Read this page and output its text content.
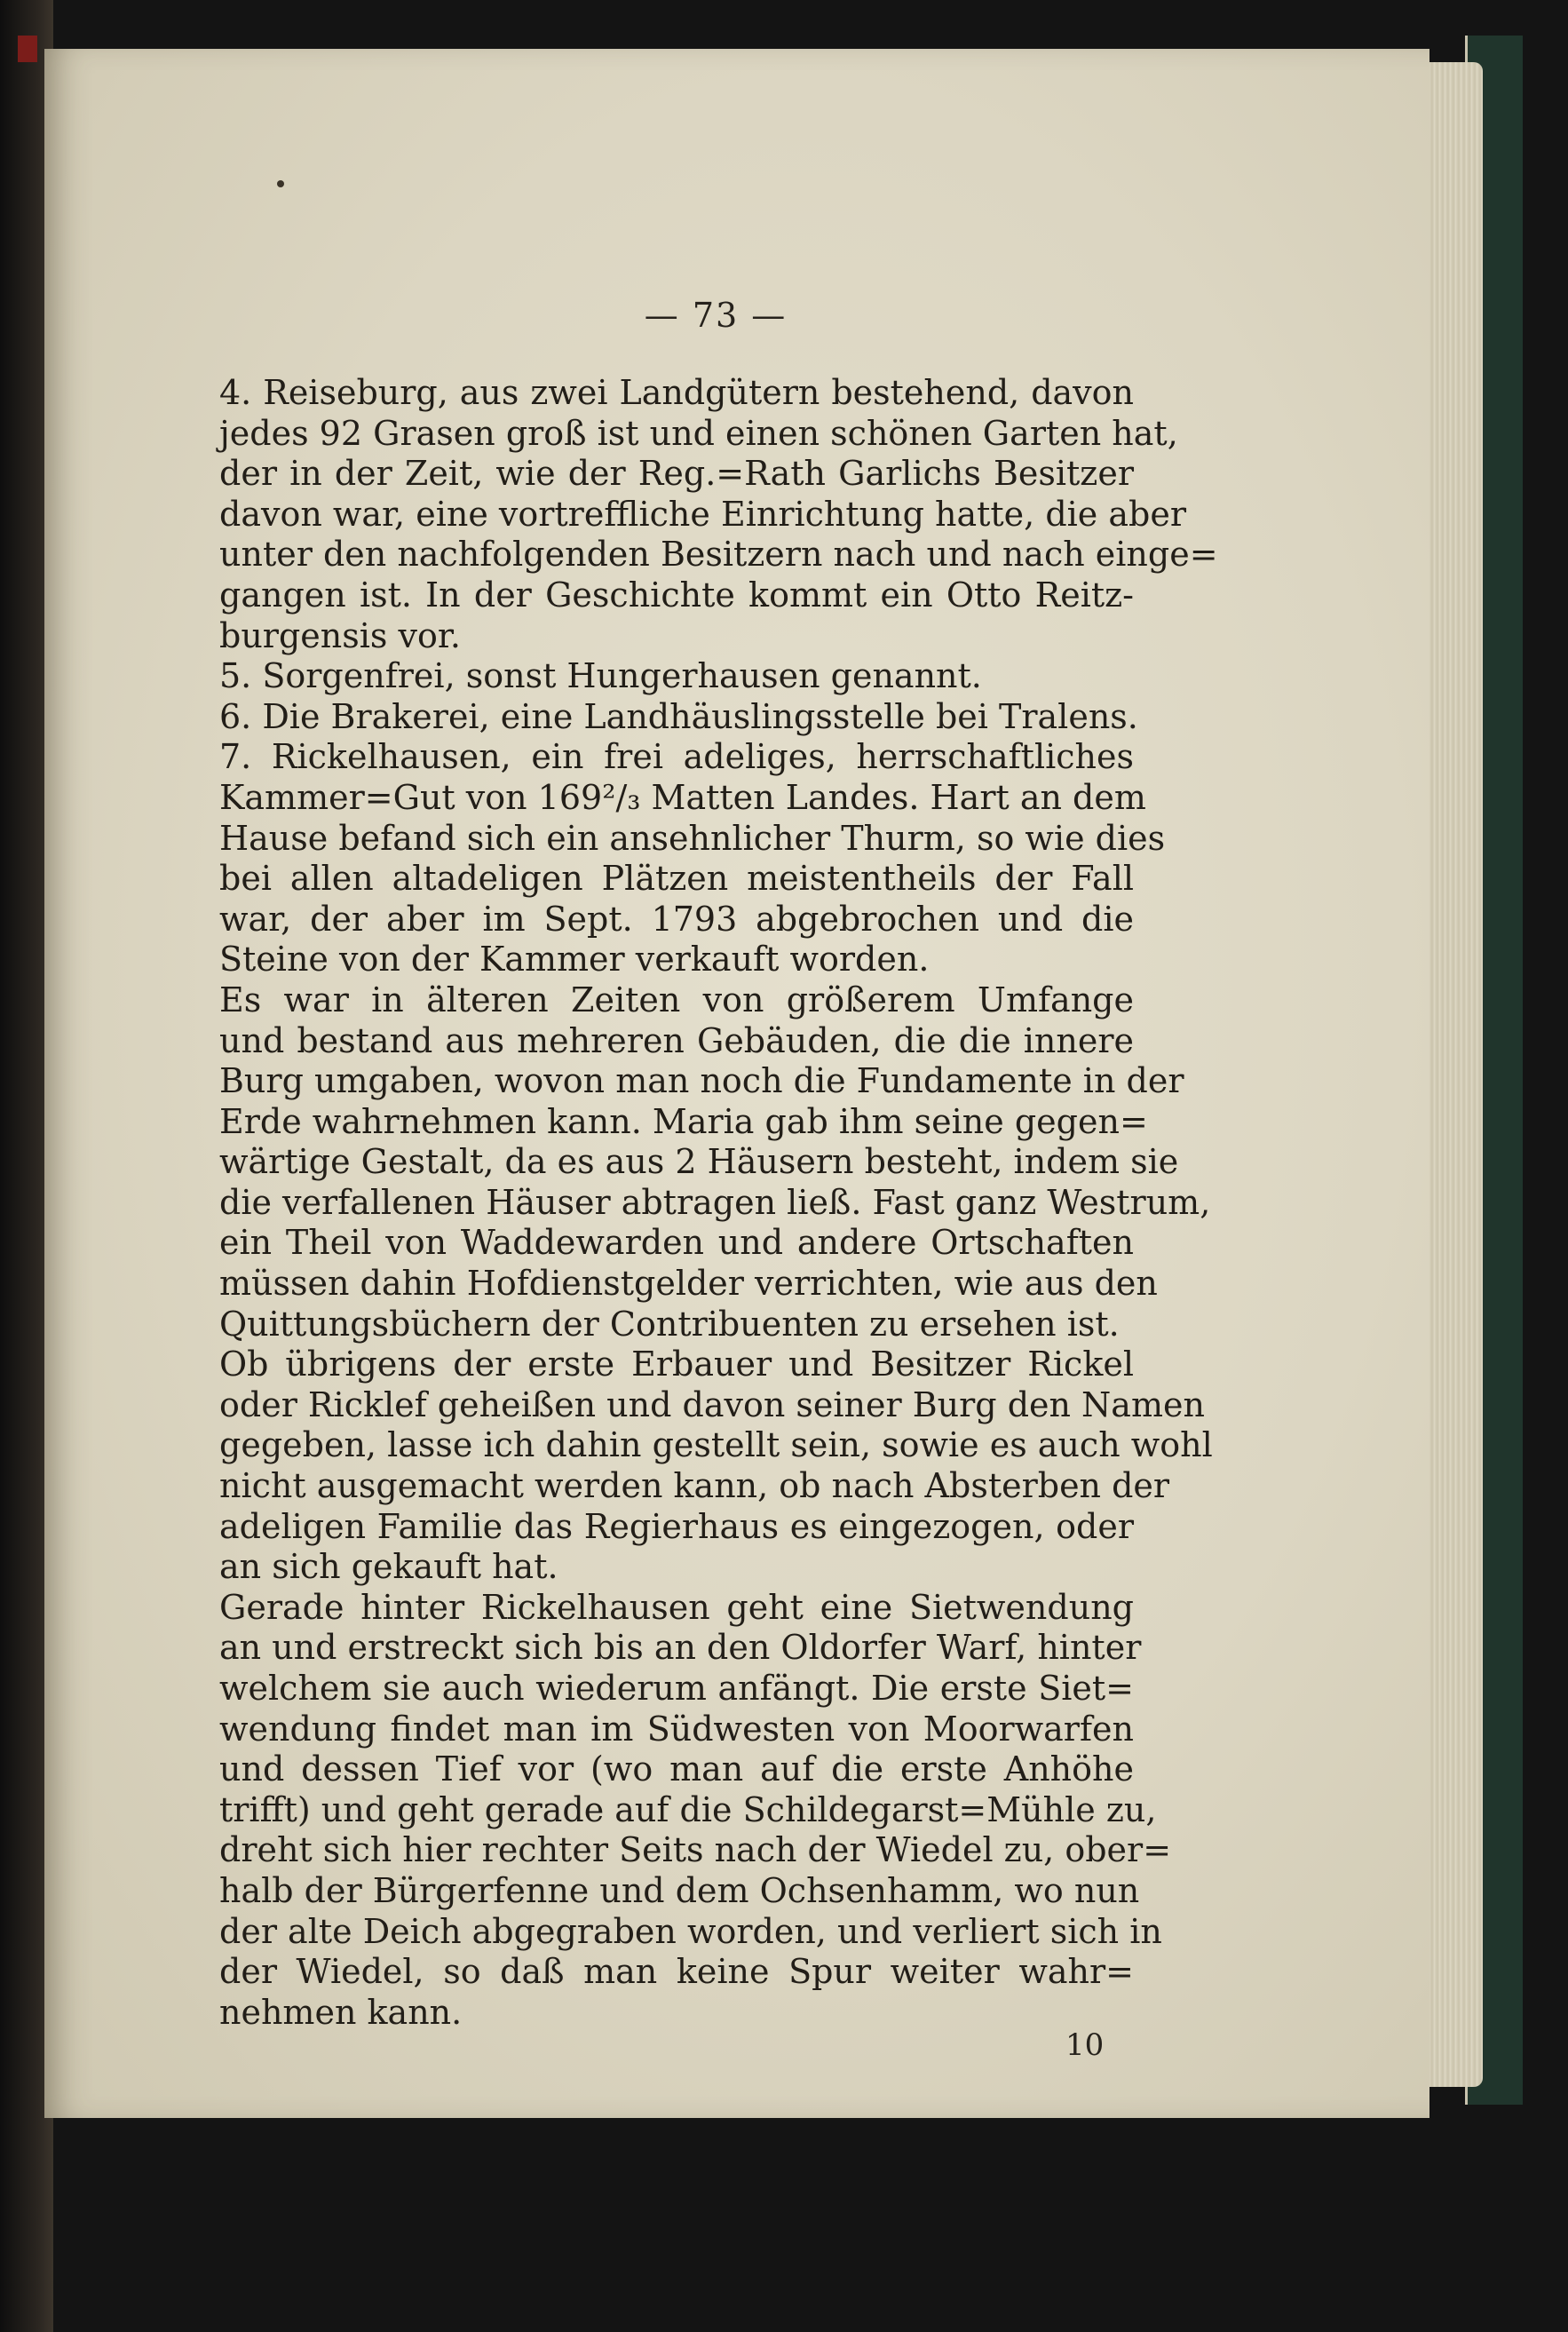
— 73 —
4. Reiseburg, aus zwei Landgütern bestehend, davon
jedes 92 Grasen groß ist und einen schönen Garten hat,
der in der Zeit, wie der Reg.=Rath Garlichs Besitzer
davon war, eine vortreffliche Einrichtung hatte, die aber
unter den nachfolgenden Besitzern nach und nach einge=
gangen ist. In der Geschichte kommt ein Otto Reitz-
burgensis vor.
5. Sorgenfrei, sonst Hungerhausen genannt.
6. Die Brakerei, eine Landhäuslingsstelle bei Tralens.
7. Rickelhausen, ein frei adeliges, herrschaftliches
Kammer=Gut von 169²/₃ Matten Landes. Hart an dem
Hause befand sich ein ansehnlicher Thurm, so wie dies
bei allen altadeligen Plätzen meistentheils der Fall
war, der aber im Sept. 1793 abgebrochen und die
Steine von der Kammer verkauft worden.
Es war in älteren Zeiten von größerem Umfange
und bestand aus mehreren Gebäuden, die die innere
Burg umgaben, wovon man noch die Fundamente in der
Erde wahrnehmen kann. Maria gab ihm seine gegen=
wärtige Gestalt, da es aus 2 Häusern besteht, indem sie
die verfallenen Häuser abtragen ließ. Fast ganz Westrum,
ein Theil von Waddewarden und andere Ortschaften
müssen dahin Hofdienstgelder verrichten, wie aus den
Quittungsbüchern der Contribuenten zu ersehen ist.
Ob übrigens der erste Erbauer und Besitzer Rickel
oder Ricklef geheißen und davon seiner Burg den Namen
gegeben, lasse ich dahin gestellt sein, sowie es auch wohl
nicht ausgemacht werden kann, ob nach Absterben der
adeligen Familie das Regierhaus es eingezogen, oder
an sich gekauft hat.
Gerade hinter Rickelhausen geht eine Sietwendung
an und erstreckt sich bis an den Oldorfer Warf, hinter
welchem sie auch wiederum anfängt. Die erste Siet=
wendung findet man im Südwesten von Moorwarfen
und dessen Tief vor (wo man auf die erste Anhöhe
trifft) und geht gerade auf die Schildegarst=Mühle zu,
dreht sich hier rechter Seits nach der Wiedel zu, ober=
halb der Bürgerfenne und dem Ochsenhamm, wo nun
der alte Deich abgegraben worden, und verliert sich in
der Wiedel, so daß man keine Spur weiter wahr=
nehmen kann.
10
